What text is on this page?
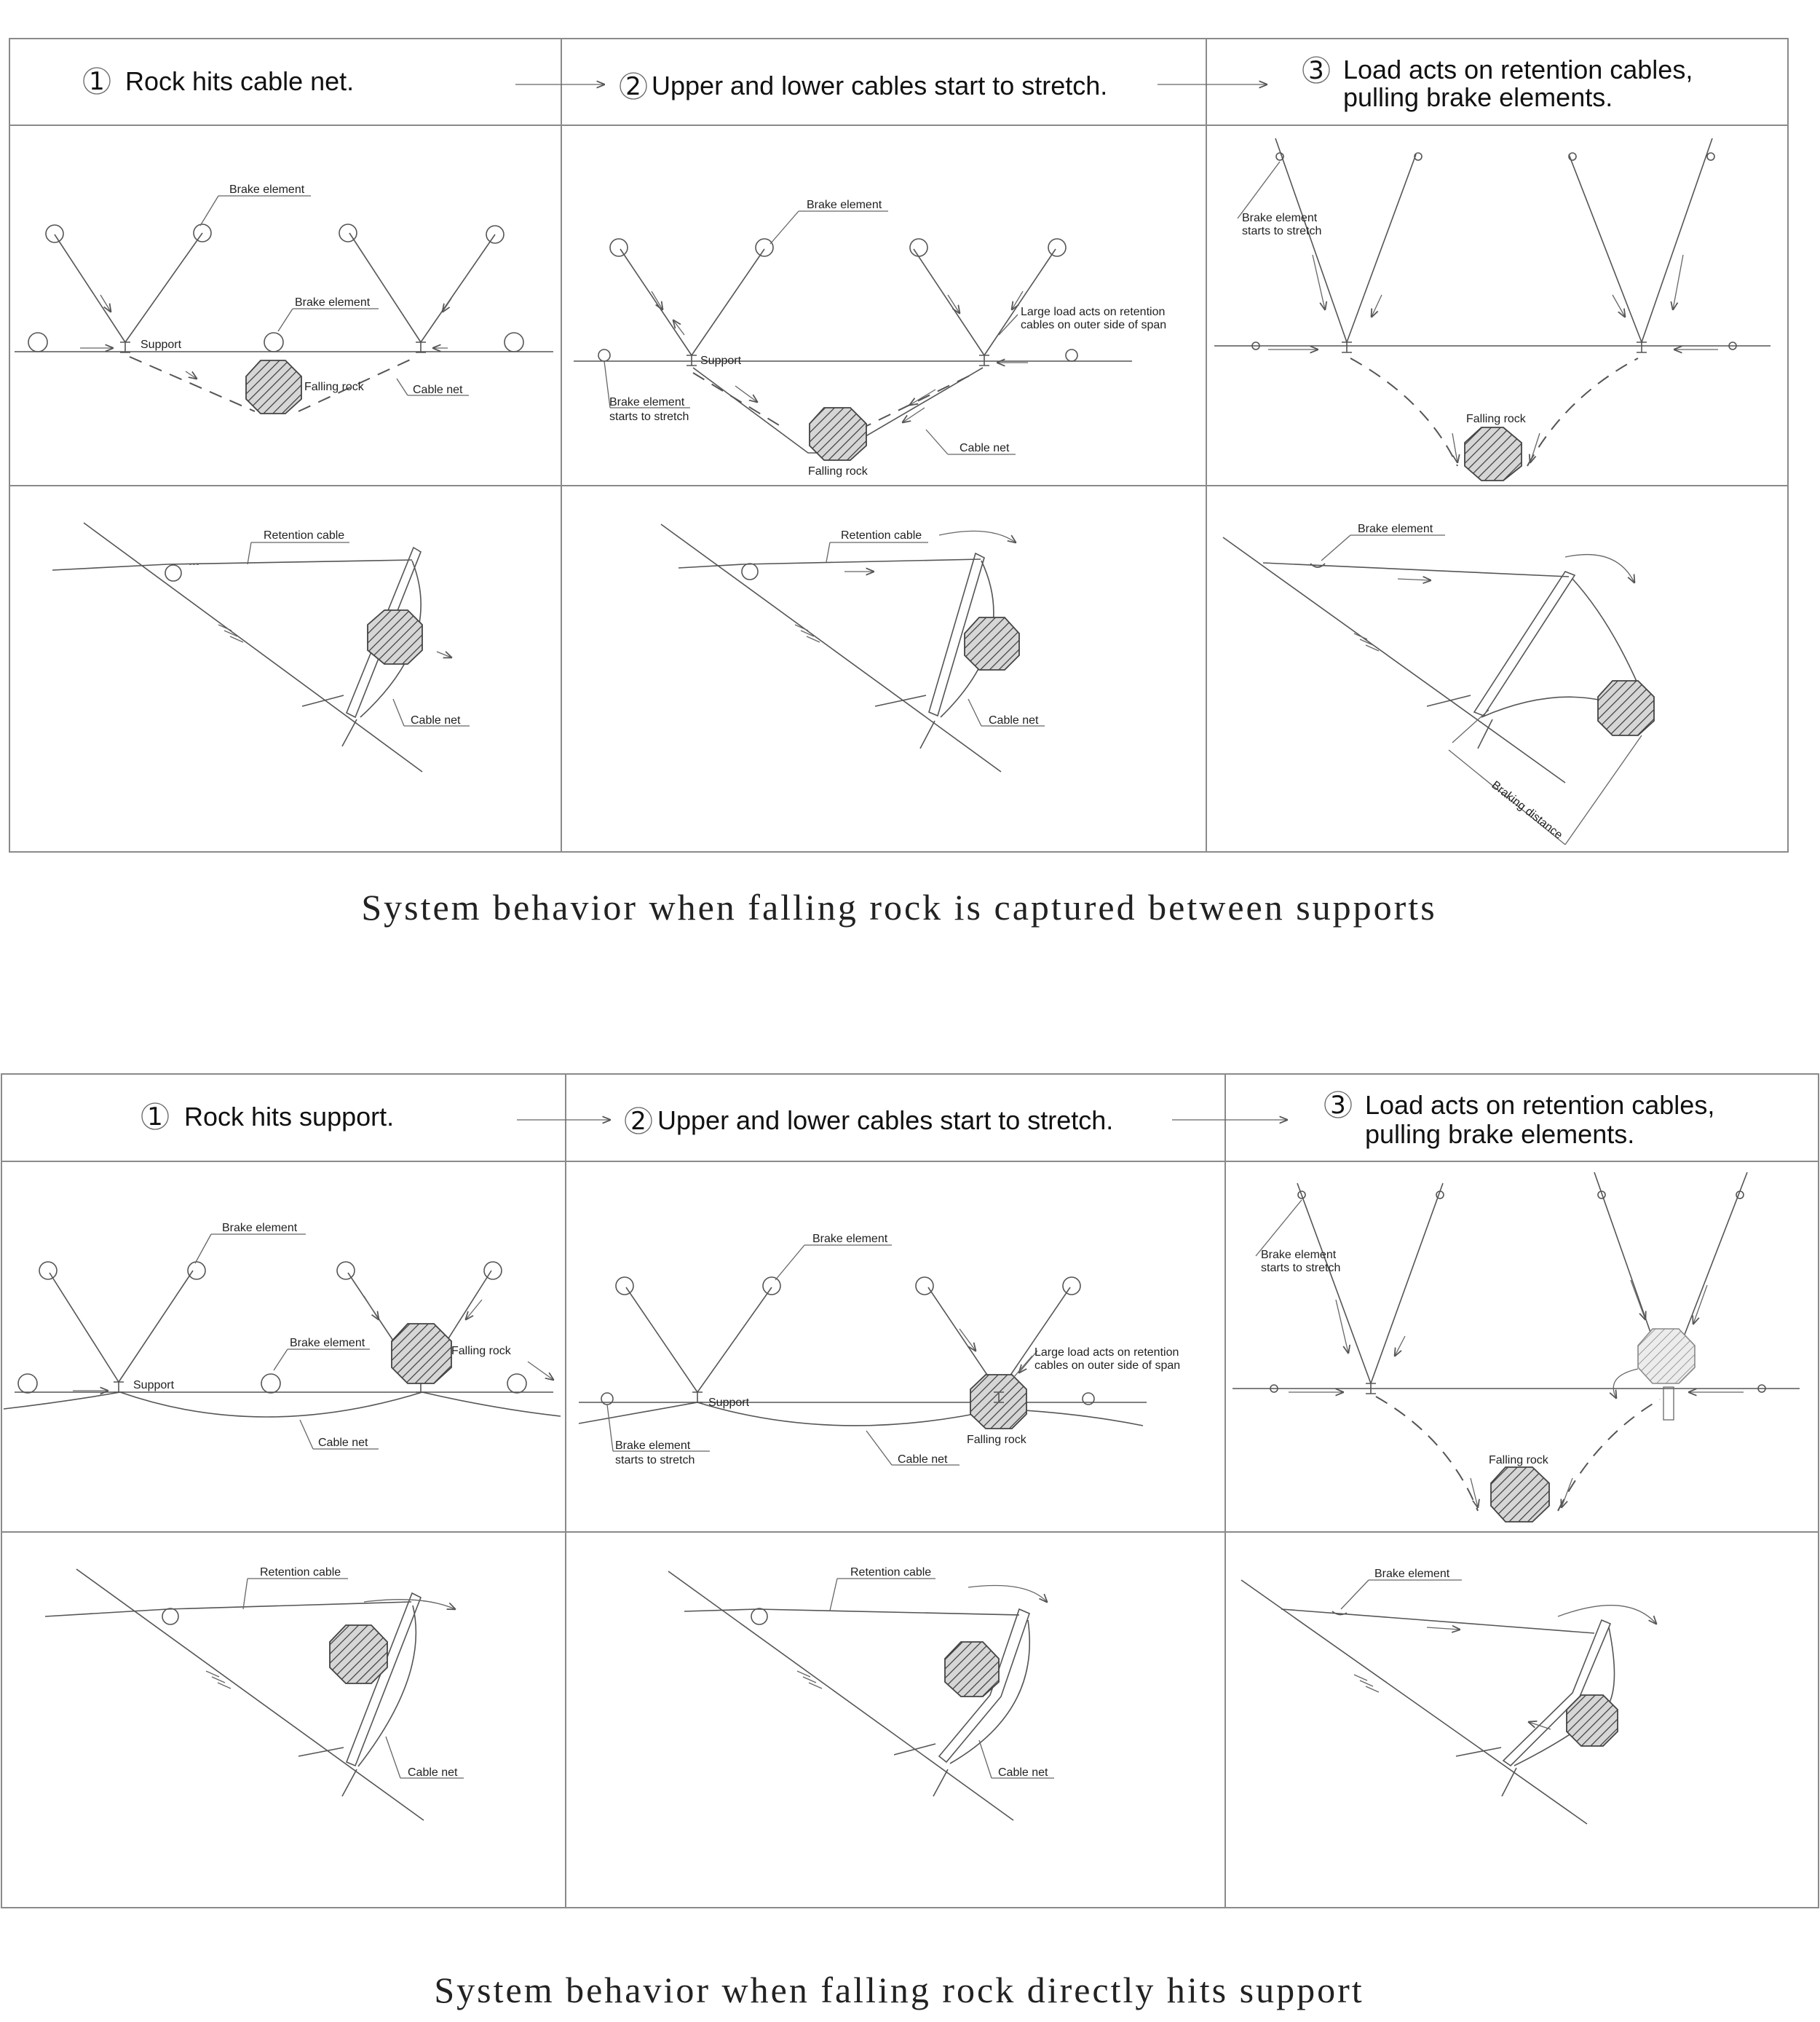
1 Rock hits cable net.	2 Upper and lower cables start to stretch.	3 Load acts on retention cables,
pulling brake elements.
Brake element
Brake element
Support
Falling rock	Cable net
Brake element
Large load acts on retention
cables on outer side of span
Support
Brake element
starts to stretch
Cable net
Falling rock
Brake element
starts to stretch
Falling rock
Retention cable
Cable net
Retention cable
Cable net
Braking distance
Brake element
System behavior when falling rock is captured between supports
1 Rock hits support.	2 Upper and lower cables start to stretch.	3 Load acts on retention cables,
pulling brake elements.
Brake element
Brake element
Support
Falling rock
Cable net
Brake element
Large load acts on retention
cables on outer side of span
Support
Brake element
starts to stretch
Falling rock
Cable net
Brake element
starts to stretch
Falling rock
Retention cable
Cable net
Retention cable
Cable net
Brake element
System behavior when falling rock directly hits support
